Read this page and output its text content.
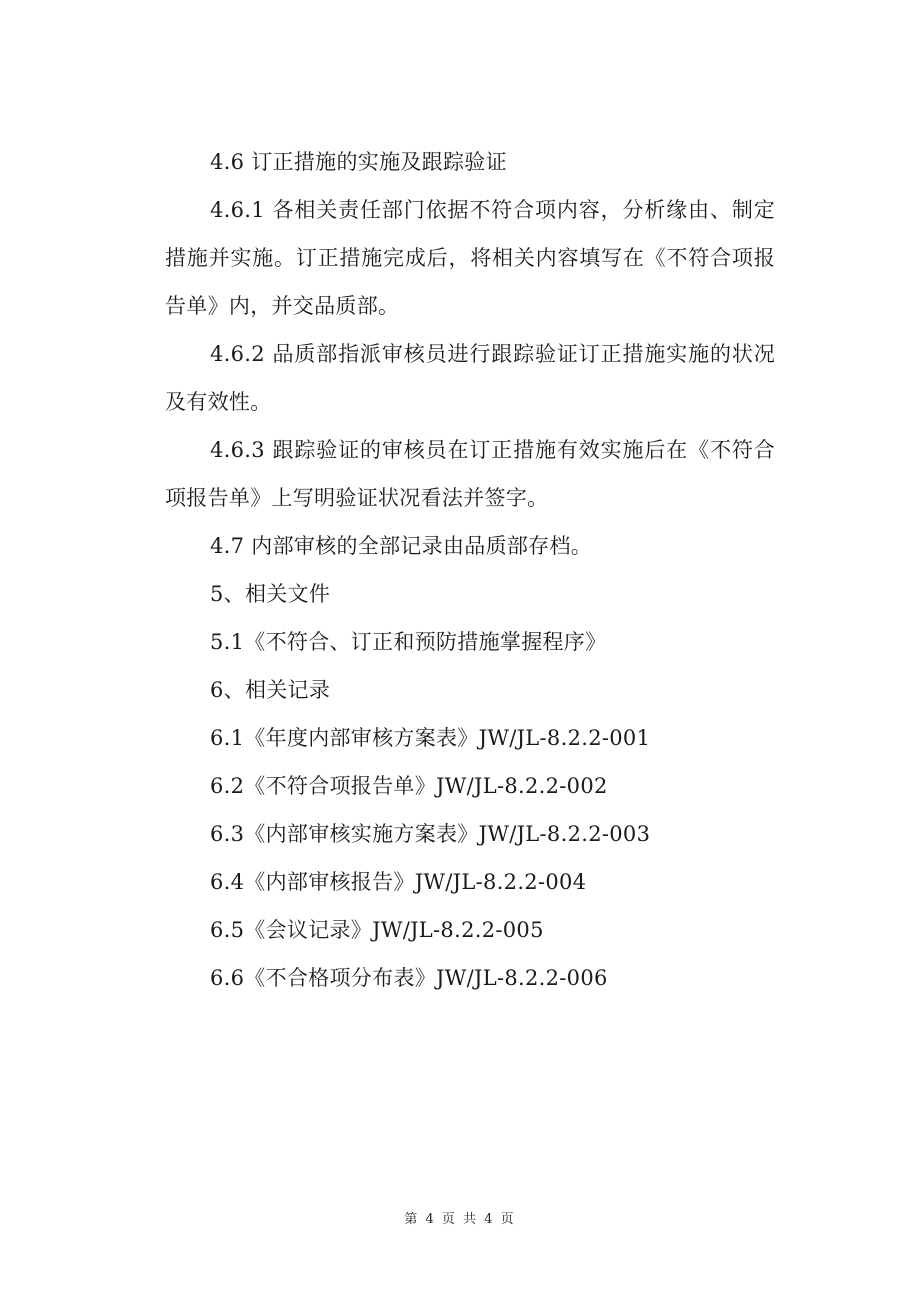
4.6 订正措施的实施及跟踪验证

4.6.1 各相关责任部门依据不符合项内容，分析缘由、制定措施并实施。订正措施完成后，将相关内容填写在《不符合项报告单》内，并交品质部。

4.6.2 品质部指派审核员进行跟踪验证订正措施实施的状况及有效性。

4.6.3 跟踪验证的审核员在订正措施有效实施后在《不符合项报告单》上写明验证状况看法并签字。

4.7 内部审核的全部记录由品质部存档。

5、相关文件

5.1《不符合、订正和预防措施掌握程序》

6、相关记录

6.1《年度内部审核方案表》JW/JL-8.2.2-001

6.2《不符合项报告单》JW/JL-8.2.2-002

6.3《内部审核实施方案表》JW/JL-8.2.2-003

6.4《内部审核报告》JW/JL-8.2.2-004

6.5《会议记录》JW/JL-8.2.2-005

6.6《不合格项分布表》JW/JL-8.2.2-006

第 4 页 共 4 页
